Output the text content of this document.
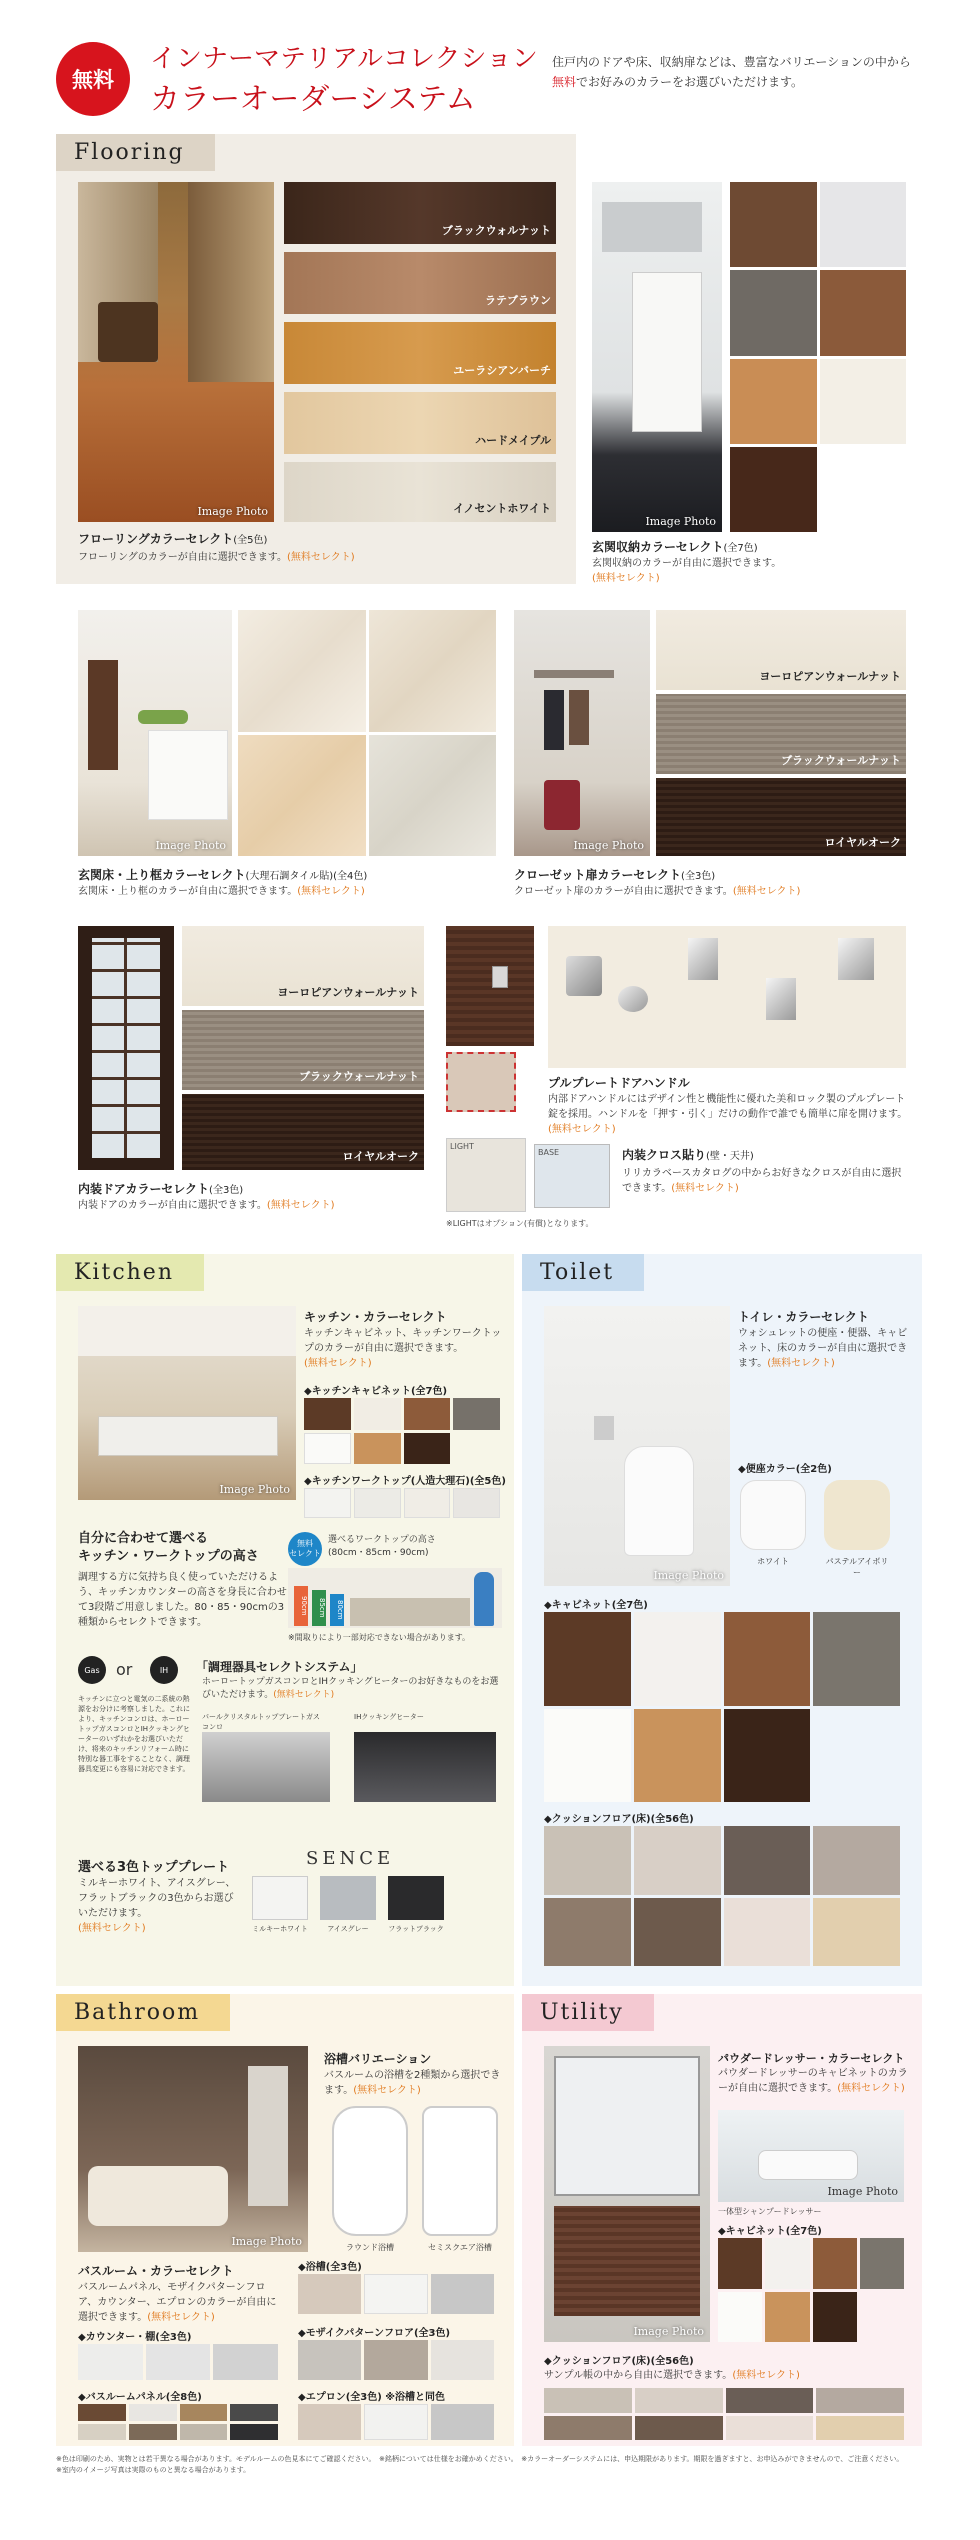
無料
インナーマテリアルコレクション
カラーオーダーシステム
住戸内のドアや床、収納扉などは、豊富なバリエーションの中から
無料でお好みのカラーをお選びいただけます。
Flooring
Image Photo
ブラックウォルナット
ラテブラウン
ユーラシアンバーチ
ハードメイプル
イノセントホワイト
フローリングカラーセレクト(全5色)
フローリングのカラーが自由に選択できます。(無料セレクト)
Image Photo
玄関収納カラーセレクト(全7色)
玄関収納のカラーが自由に選択できます。
(無料セレクト)
Image Photo
玄関床・上り框カラーセレクト(大理石調タイル貼)(全4色)
玄関床・上り框のカラーが自由に選択できます。(無料セレクト)
Image Photo
ヨーロピアンウォールナット
ブラックウォールナット
ロイヤルオーク
クローゼット扉カラーセレクト(全3色)
クローゼット扉のカラーが自由に選択できます。(無料セレクト)
ヨーロピアンウォールナット
ブラックウォールナット
ロイヤルオーク
内装ドアカラーセレクト(全3色)
内装ドアのカラーが自由に選択できます。(無料セレクト)
プルプレートドアハンドル
内部ドアハンドルにはデザイン性と機能性に優れた美和ロック製のプルプレート錠を採用。ハンドルを「押す・引く」だけの動作で誰でも簡単に扉を開けます。(無料セレクト)
LIGHT
BASE	内装クロス貼り(壁・天井)
リリカラベースカタログの中からお好きなクロスが自由に選択できます。(無料セレクト)
※LIGHTはオプション(有償)となります。
Kitchen
Image Photo
キッチン・カラーセレクト
キッチンキャビネット、キッチンワークトップのカラーが自由に選択できます。
(無料セレクト)
◆キッチンキャビネット(全7色)
◆キッチンワークトップ(人造大理石)(全5色)
自分に合わせて選べる
キッチン・ワークトップの高さ
調理する方に気持ち良く使っていただけるよう、キッチンカウンターの高さを身長に合わせて3段階ご用意しました。80・85・90cmの3種類からセレクトできます。
無料
セレクト
選べるワークトップの高さ
(80cm・85cm・90cm)
90cm	85cm	80cm
※間取りにより一部対応できない場合があります。
Gas	or	IH	「調理器具セレクトシステム」
ホーロートップガスコンロとIHクッキングヒーターのお好きなものをお選びいただけます。(無料セレクト)
キッチンに立つと電気の二系統の熱源をお分けに考察しました。これにより、キッチンコンロは、ホーロートップガスコンロとIHクッキングヒーターのいずれかをお選びいただけ、将来のキッチンリフォーム時に特別な器工事をすることなく、調理器具変更にも容易に対応できます。
パールクリスタルトップブレートガスコンロ
IHクッキングヒーター
選べる3色トッププレート
ミルキーホワイト、アイスグレー、フラットブラックの3色からお選びいただけます。
(無料セレクト)
SENCE
ミルキーホワイト	アイスグレー	フラットブラック
Toilet
Image Photo
トイレ・カラーセレクト
ウォシュレットの便座・便器、キャビネット、床のカラーが自由に選択できます。(無料セレクト)
◆便座カラー(全2色)
ホワイト	パステルアイボリー
◆キャビネット(全7色)
◆クッションフロア(床)(全56色)
Bathroom
Image Photo
浴槽バリエーション
バスルームの浴槽を2種類から選択できます。(無料セレクト)
ラウンド浴槽	セミスクエア浴槽
バスルーム・カラーセレクト
バスルームパネル、モザイクパターンフロア、カウンター、エプロンのカラーが自由に選択できます。(無料セレクト)
◆浴槽(全3色)
◆カウンター・棚(全3色)	◆モザイクパターンフロア(全3色)
◆バスルームパネル(全8色)	◆エプロン(全3色) ※浴槽と同色
Utility
Image Photo
パウダードレッサー・カラーセレクト
パウダードレッサーのキャビネットのカラーが自由に選択できます。(無料セレクト)
Image Photo
一体型シャンプードレッサー
◆キャビネット(全7色)
◆クッションフロア(床)(全56色)
サンプル帳の中から自由に選択できます。(無料セレクト)
※色は印刷のため、実物とは若干異なる場合があります。モデルルームの色見本にてご確認ください。　※銘柄については仕様をお確かめください。　※カラーオーダーシステムには、申込期限があります。期限を過ぎますと、お申込みができませんので、ご注意ください。
※室内のイメージ写真は実際のものと異なる場合があります。
